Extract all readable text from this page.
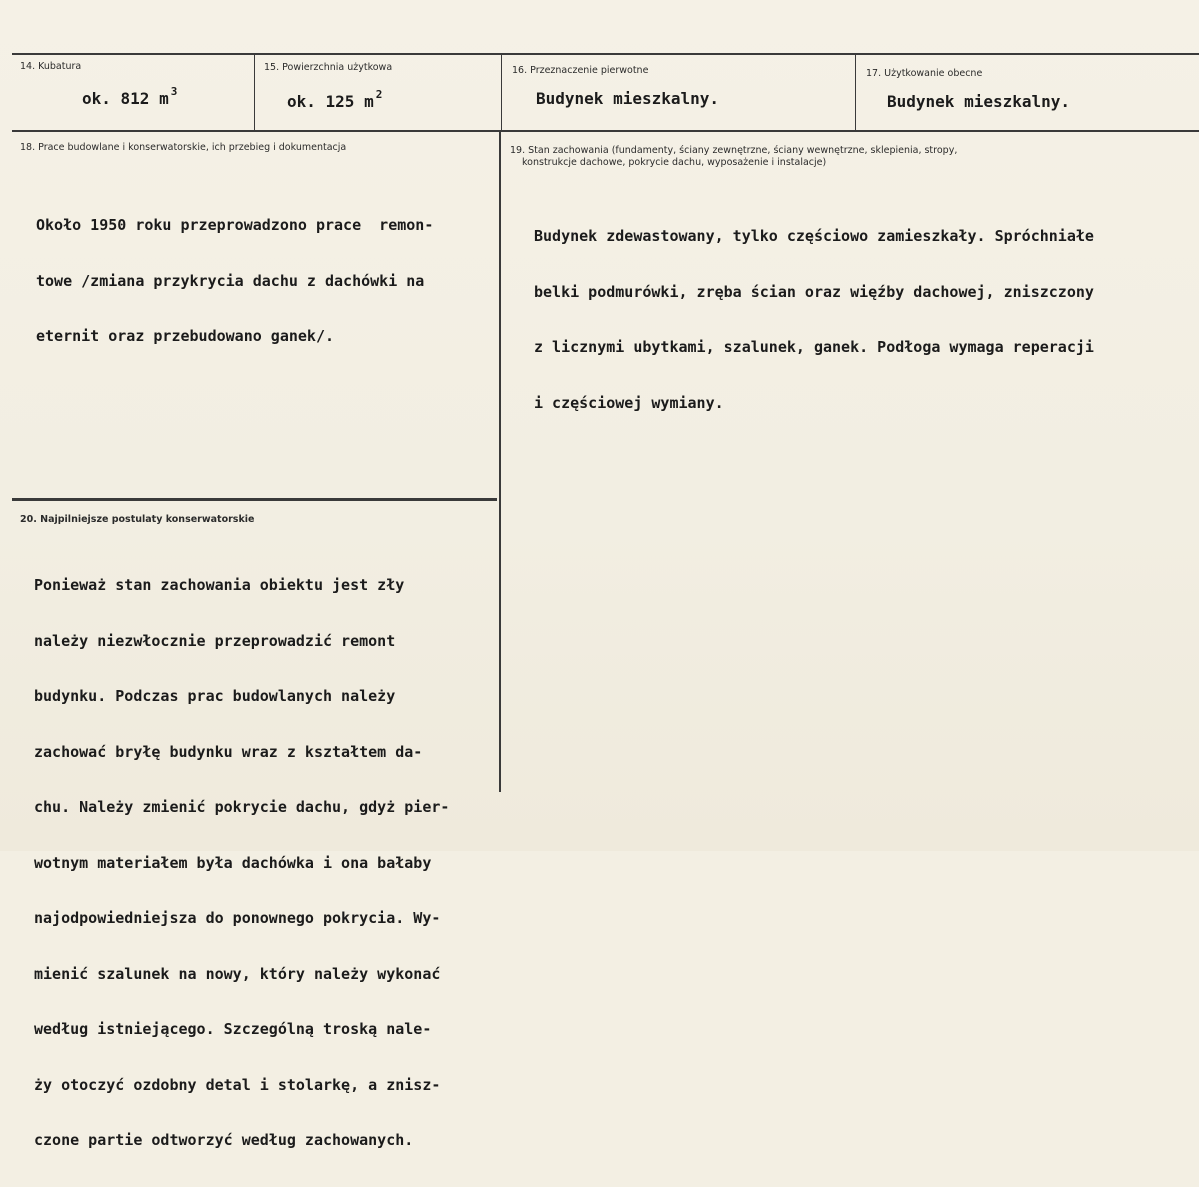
14. Kubatura
ok. 812 m $^3$
15. Powierzchnia użytkowa
ok. 125 m $^2$
16. Przeznaczenie pierwotne
Budynek mieszkalny.
17. Użytkowanie obecne
Budynek mieszkalny.
18. Prace budowlane i konserwatorskie, ich przebieg i dokumentacja

Około 1950 roku przeprowadzono prace  remon-

towe /zmiana przykrycia dachu z dachówki na

eternit oraz przebudowano ganek/.

19. Stan zachowania (fundamenty, ściany zewnętrzne, ściany wewnętrzne, sklepienia, stropy,
konstrukcje dachowe, pokrycie dachu, wyposażenie i instalacje)

Budynek zdewastowany, tylko częściowo zamieszkały. Spróchniałe

belki podmurówki, zręba ścian oraz więźby dachowej, zniszczony

z licznymi ubytkami, szalunek, ganek. Podłoga wymaga reperacji

i częściowej wymiany.

20. Najpilniejsze postulaty konserwatorskie

Ponieważ stan zachowania obiektu jest zły

należy niezwłocznie przeprowadzić remont

budynku. Podczas prac budowlanych należy

zachować bryłę budynku wraz z kształtem da-

chu. Należy zmienić pokrycie dachu, gdyż pier-

wotnym materiałem była dachówka i ona bałaby

najodpowiedniejsza do ponownego pokrycia. Wy-

mienić szalunek na nowy, który należy wykonać

według istniejącego. Szczególną troską nale-

ży otoczyć ozdobny detal i stolarkę, a znisz-

czone partie odtworzyć według zachowanych.
